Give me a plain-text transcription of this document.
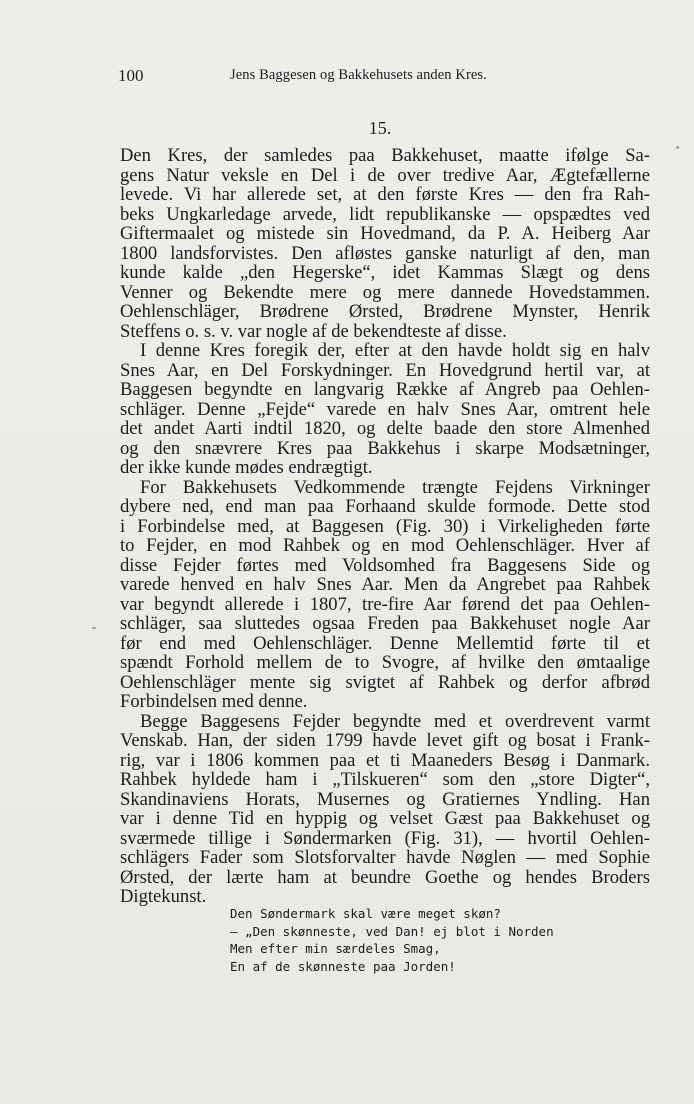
100	Jens Baggesen og Bakkehusets anden Kres.
15.

Den Kres, der samledes paa Bakkehuset, maatte ifølge Sa-
gens Natur veksle en Del i de over tredive Aar, Ægtefællerne
levede. Vi har allerede set, at den første Kres — den fra Rah-
beks Ungkarledage arvede, lidt republikanske — opspædtes ved
Giftermaalet og mistede sin Hovedmand, da P. A. Heiberg Aar
1800 landsforvistes. Den afløstes ganske naturligt af den, man
kunde kalde „den Hegerske“, idet Kammas Slægt og dens
Venner og Bekendte mere og mere dannede Hovedstammen.
Oehlenschläger, Brødrene Ørsted, Brødrene Mynster, Henrik
Steffens o. s. v. var nogle af de bekendteste af disse.

I denne Kres foregik der, efter at den havde holdt sig en halv
Snes Aar, en Del Forskydninger. En Hovedgrund hertil var, at
Baggesen begyndte en langvarig Række af Angreb paa Oehlen-
schläger. Denne „Fejde“ varede en halv Snes Aar, omtrent hele
det andet Aarti indtil 1820, og delte baade den store Almenhed
og den snævrere Kres paa Bakkehus i skarpe Modsætninger,
der ikke kunde mødes endrægtigt.

For Bakkehusets Vedkommende trængte Fejdens Virkninger
dybere ned, end man paa Forhaand skulde formode. Dette stod
i Forbindelse med, at Baggesen (Fig. 30) i Virkeligheden førte
to Fejder, en mod Rahbek og en mod Oehlenschläger. Hver af
disse Fejder førtes med Voldsomhed fra Baggesens Side og
varede henved en halv Snes Aar. Men da Angrebet paa Rahbek
var begyndt allerede i 1807, tre-fire Aar førend det paa Oehlen-
schläger, saa sluttedes ogsaa Freden paa Bakkehuset nogle Aar
før end med Oehlenschläger. Denne Mellemtid førte til et
spændt Forhold mellem de to Svogre, af hvilke den ømtaalige
Oehlenschläger mente sig svigtet af Rahbek og derfor afbrød
Forbindelsen med denne.

Begge Baggesens Fejder begyndte med et overdrevent varmt
Venskab. Han, der siden 1799 havde levet gift og bosat i Frank-
rig, var i 1806 kommen paa et ti Maaneders Besøg i Danmark.
Rahbek hyldede ham i „Tilskueren“ som den „store Digter“,
Skandinaviens Horats, Musernes og Gratiernes Yndling. Han
var i denne Tid en hyppig og velset Gæst paa Bakkehuset og
sværmede tillige i Søndermarken (Fig. 31), — hvortil Oehlen-
schlägers Fader som Slotsforvalter havde Nøglen — med Sophie
Ørsted, der lærte ham at beundre Goethe og hendes Broders
Digtekunst.

Den Søndermark skal være meget skøn?
— „Den skønneste, ved Dan! ej blot i Norden
Men efter min særdeles Smag,
En af de skønneste paa Jorden!
